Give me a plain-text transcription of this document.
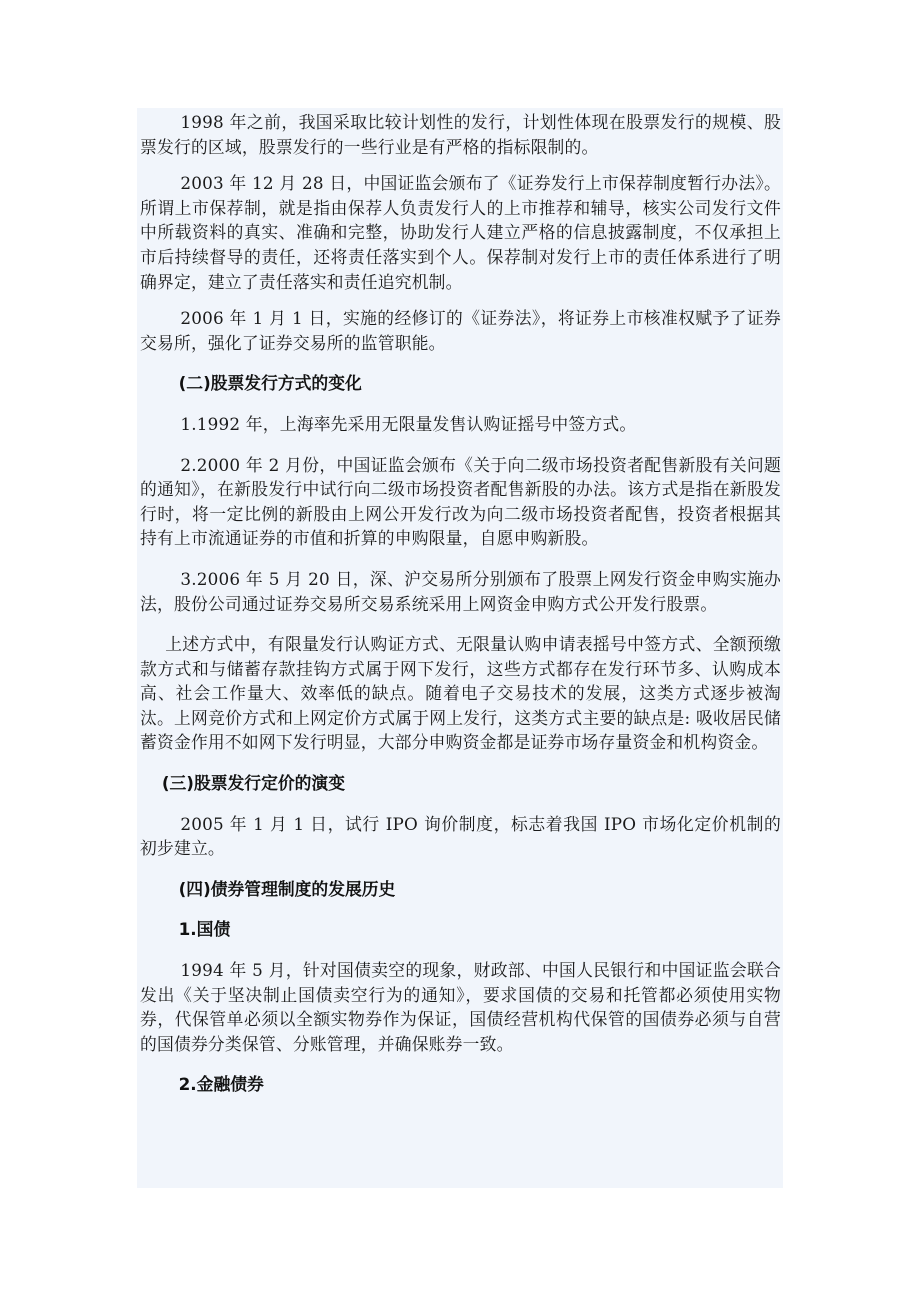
1998 年之前，我国采取比较计划性的发行，计划性体现在股票发行的规模、股票发行的区域，股票发行的一些行业是有严格的指标限制的。

2003 年 12 月 28 日，中国证监会颁布了《证券发行上市保荐制度暂行办法》。所谓上市保荐制，就是指由保荐人负责发行人的上市推荐和辅导，核实公司发行文件中所载资料的真实、准确和完整，协助发行人建立严格的信息披露制度，不仅承担上市后持续督导的责任，还将责任落实到个人。保荐制对发行上市的责任体系进行了明确界定，建立了责任落实和责任追究机制。

2006 年 1 月 1 日，实施的经修订的《证券法》，将证券上市核准权赋予了证券交易所，强化了证券交易所的监管职能。

(二)股票发行方式的变化

1.1992 年，上海率先采用无限量发售认购证摇号中签方式。

2.2000 年 2 月份，中国证监会颁布《关于向二级市场投资者配售新股有关问题的通知》，在新股发行中试行向二级市场投资者配售新股的办法。该方式是指在新股发行时，将一定比例的新股由上网公开发行改为向二级市场投资者配售，投资者根据其持有上市流通证券的市值和折算的申购限量，自愿申购新股。

3.2006 年 5 月 20 日，深、沪交易所分别颁布了股票上网发行资金申购实施办法，股份公司通过证券交易所交易系统采用上网资金申购方式公开发行股票。

上述方式中，有限量发行认购证方式、无限量认购申请表摇号中签方式、全额预缴款方式和与储蓄存款挂钩方式属于网下发行，这些方式都存在发行环节多、认购成本高、社会工作量大、效率低的缺点。随着电子交易技术的发展，这类方式逐步被淘汰。上网竞价方式和上网定价方式属于网上发行，这类方式主要的缺点是: 吸收居民储蓄资金作用不如网下发行明显，大部分申购资金都是证券市场存量资金和机构资金。

(三)股票发行定价的演变

2005 年 1 月 1 日，试行 IPO 询价制度，标志着我国 IPO 市场化定价机制的初步建立。

(四)债券管理制度的发展历史
1.国债

1994 年 5 月，针对国债卖空的现象，财政部、中国人民银行和中国证监会联合发出《关于坚决制止国债卖空行为的通知》，要求国债的交易和托管都必须使用实物券，代保管单必须以全额实物券作为保证，国债经营机构代保管的国债券必须与自营的国债券分类保管、分账管理，并确保账券一致。

2.金融债券
